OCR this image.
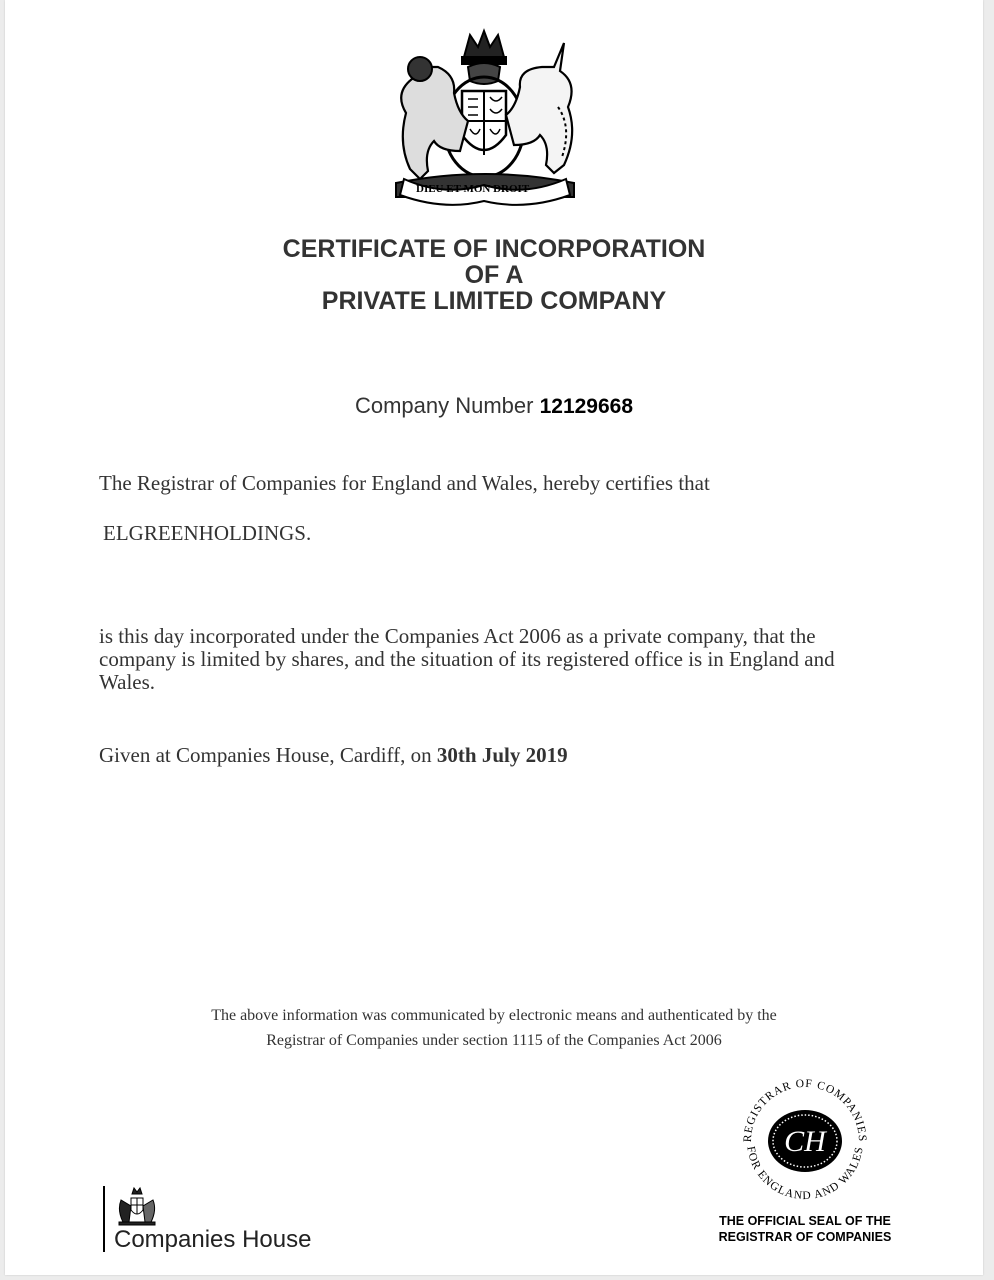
DIEU ET MON DROIT
CERTIFICATE OF INCORPORATION
OF A
PRIVATE LIMITED COMPANY
Company Number 12129668
The Registrar of Companies for England and Wales, hereby certifies that
ELGREENHOLDINGS.

is this day incorporated under the Companies Act 2006 as a private company, that the company is limited by shares, and the situation of its registered office is in England and Wales.

Given at Companies House, Cardiff, on 30th July 2019
The above information was communicated by electronic means and authenticated by the
Registrar of Companies under section 1115 of the Companies Act 2006
REGISTRAR OF COMPANIES
FOR ENGLAND AND WALES
CH
THE OFFICIAL SEAL OF THE
REGISTRAR OF COMPANIES
Companies House
